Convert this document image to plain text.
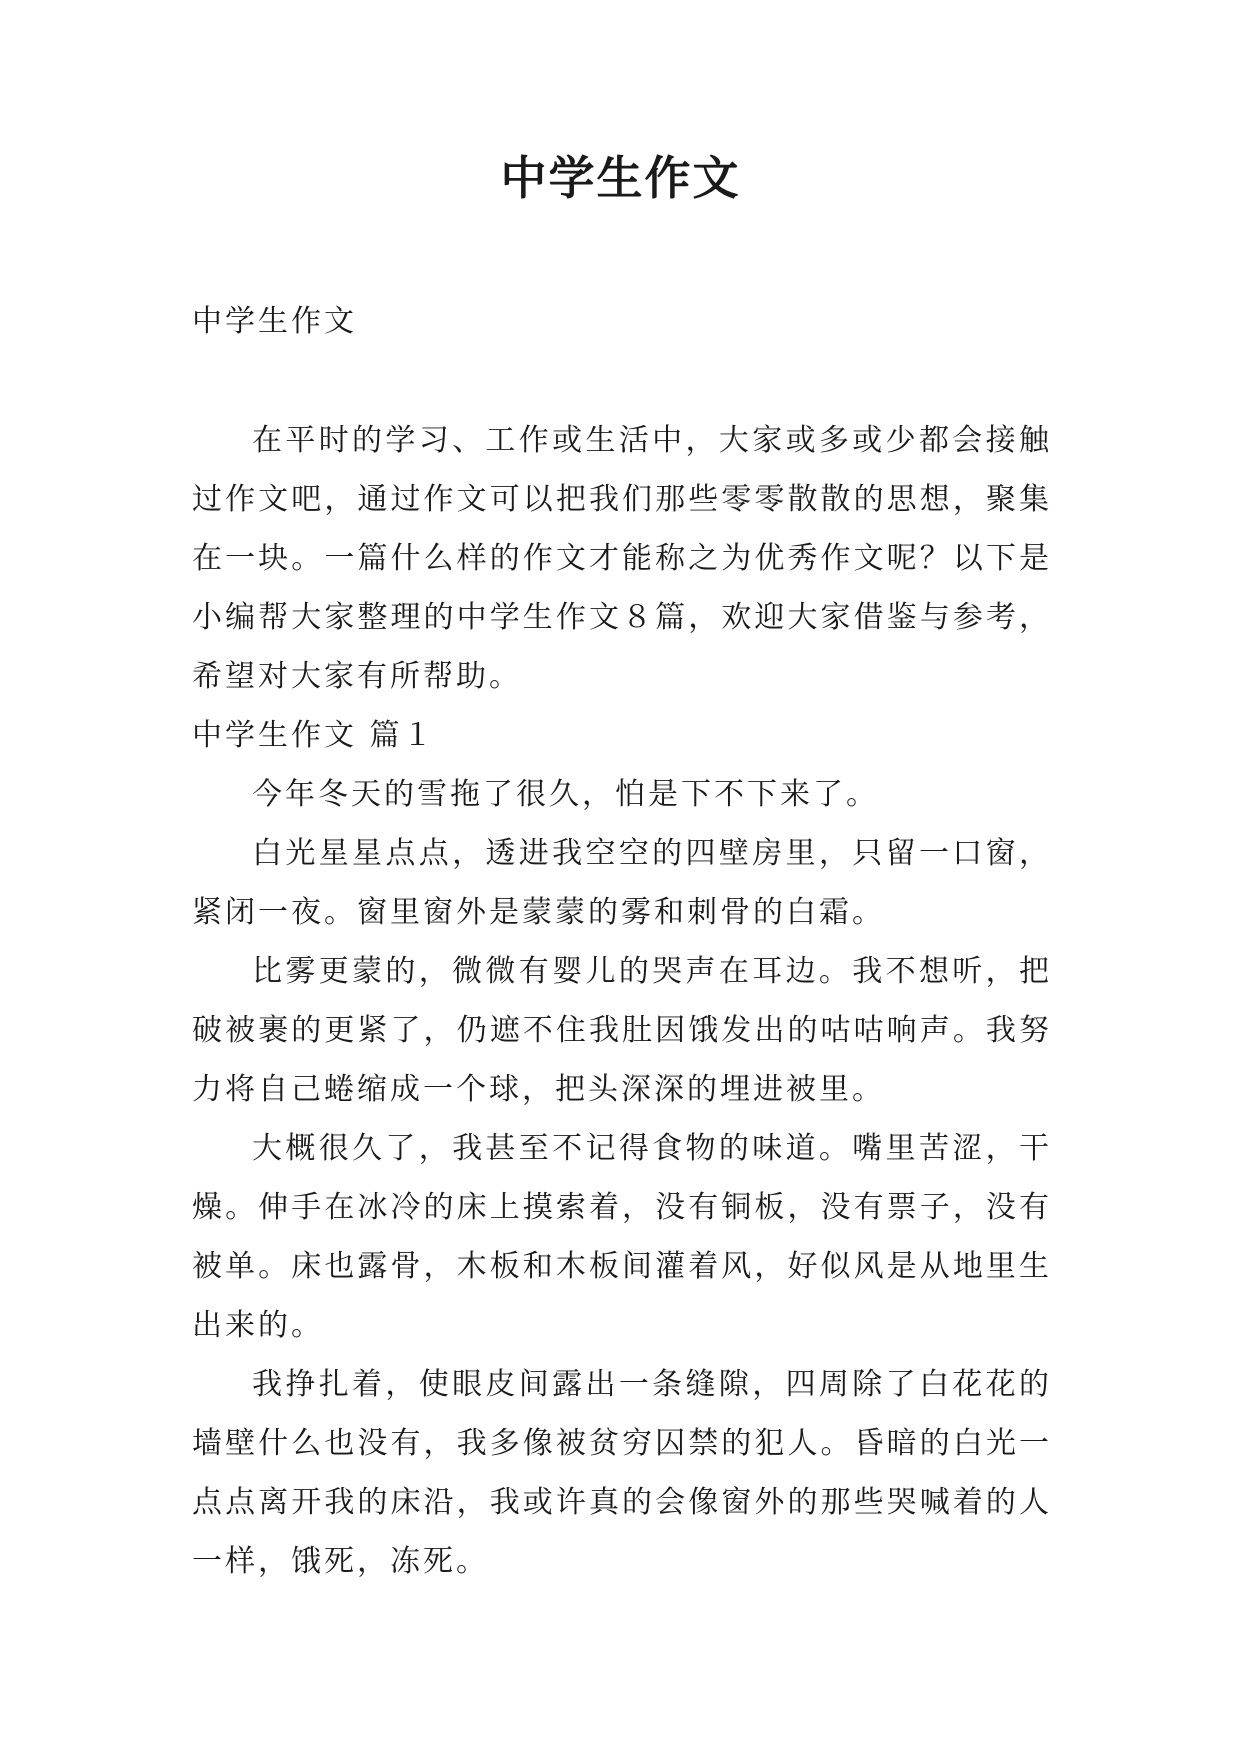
中学生作文

中学生作文

在平时的学习、工作或生活中，大家或多或少都会接触过作文吧，通过作文可以把我们那些零零散散的思想，聚集在一块。一篇什么样的作文才能称之为优秀作文呢？以下是小编帮大家整理的中学生作文８篇，欢迎大家借鉴与参考，希望对大家有所帮助。

中学生作文 篇１

今年冬天的雪拖了很久，怕是下不下来了。

白光星星点点，透进我空空的四壁房里，只留一口窗，紧闭一夜。窗里窗外是蒙蒙的雾和刺骨的白霜。

比雾更蒙的，微微有婴儿的哭声在耳边。我不想听，把破被裹的更紧了，仍遮不住我肚因饿发出的咕咕响声。我努力将自己蜷缩成一个球，把头深深的埋进被里。

大概很久了，我甚至不记得食物的味道。嘴里苦涩，干燥。伸手在冰冷的床上摸索着，没有铜板，没有票子，没有被单。床也露骨，木板和木板间灌着风，好似风是从地里生出来的。

我挣扎着，使眼皮间露出一条缝隙，四周除了白花花的墙壁什么也没有，我多像被贫穷囚禁的犯人。昏暗的白光一点点离开我的床沿，我或许真的会像窗外的那些哭喊着的人一样，饿死，冻死。
